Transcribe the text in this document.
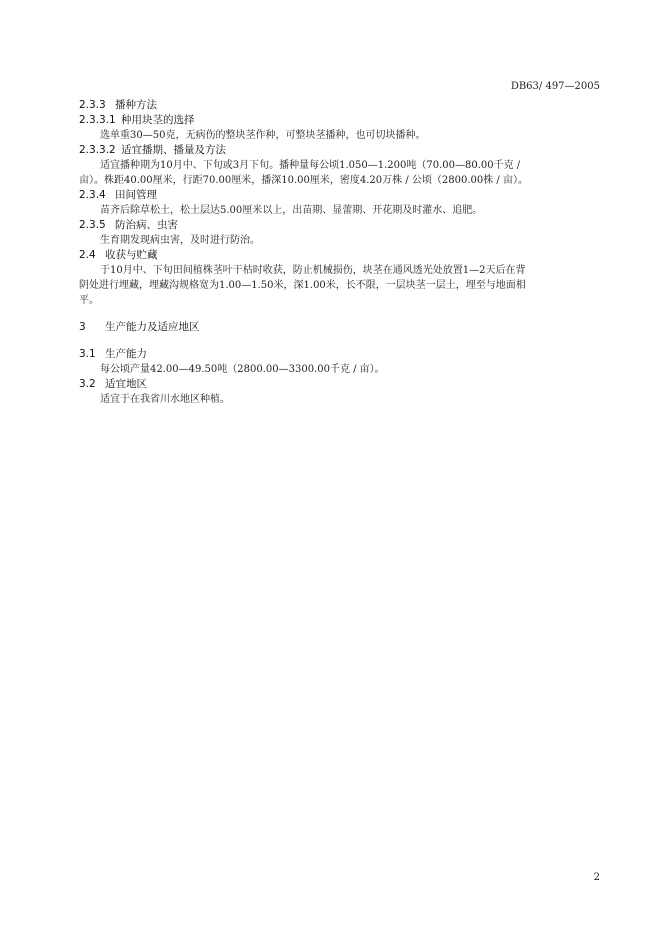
DB63/ 497—2005
2.3.3 播种方法
2.3.3.1 种用块茎的选择

选单重30—50克，无病伤的整块茎作种，可整块茎播种，也可切块播种。

2.3.3.2 适宜播期、播量及方法

适宜播种期为10月中、下旬或3月下旬。播种量每公顷1.050—1.200吨（70.00—80.00千克 /

亩）。株距40.00厘米，行距70.00厘米，播深10.00厘米，密度4.20万株 / 公顷（2800.00株 / 亩）。

2.3.4 田间管理

苗齐后除草松土，松土层达5.00厘米以上，出苗期、显蕾期、开花期及时灌水、追肥。

2.3.5 防治病、虫害

生育期发现病虫害，及时进行防治。

2.4 收获与贮藏

于10月中、下旬田间植株茎叶干枯时收获，防止机械损伤，块茎在通风透光处放置1—2天后在背

阴处进行埋藏，埋藏沟规格宽为1.00—1.50米，深1.00米，长不限，一层块茎一层土，埋至与地面相

平。

3 生产能力及适应地区
3.1 生产能力

每公顷产量42.00—49.50吨（2800.00—3300.00千克 / 亩）。

3.2 适宜地区

适宜于在我省川水地区种植。

2
